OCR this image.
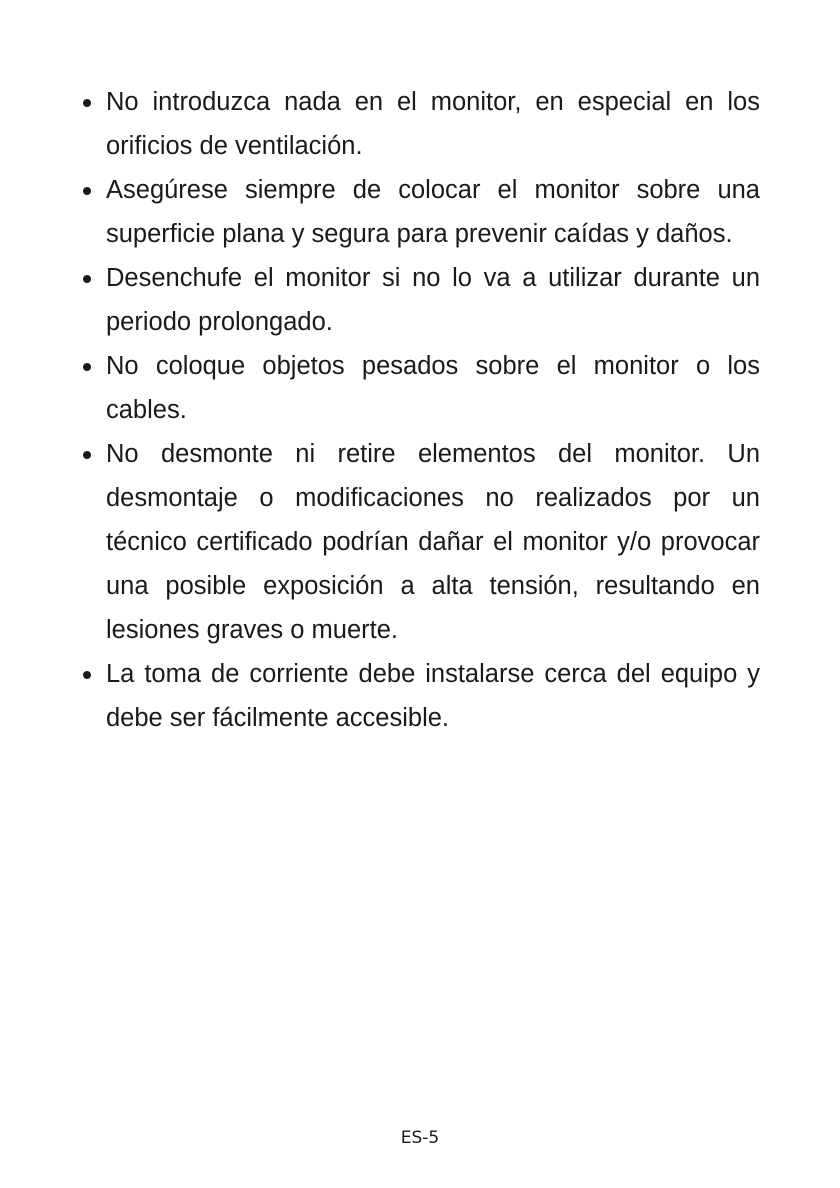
No introduzca nada en el monitor, en especial en los orificios de ventilación.
Asegúrese siempre de colocar el monitor sobre una superficie plana y segura para prevenir caídas y daños.
Desenchufe el monitor si no lo va a utilizar durante un periodo prolongado.
No coloque objetos pesados sobre el monitor o los cables.
No desmonte ni retire elementos del monitor. Un desmontaje o modificaciones no realizados por un técnico certificado podrían dañar el monitor y/o provocar una posible exposición a alta tensión, resultando en lesiones graves o muerte.
La toma de corriente debe instalarse cerca del equipo y debe ser fácilmente accesible.
ES-5
